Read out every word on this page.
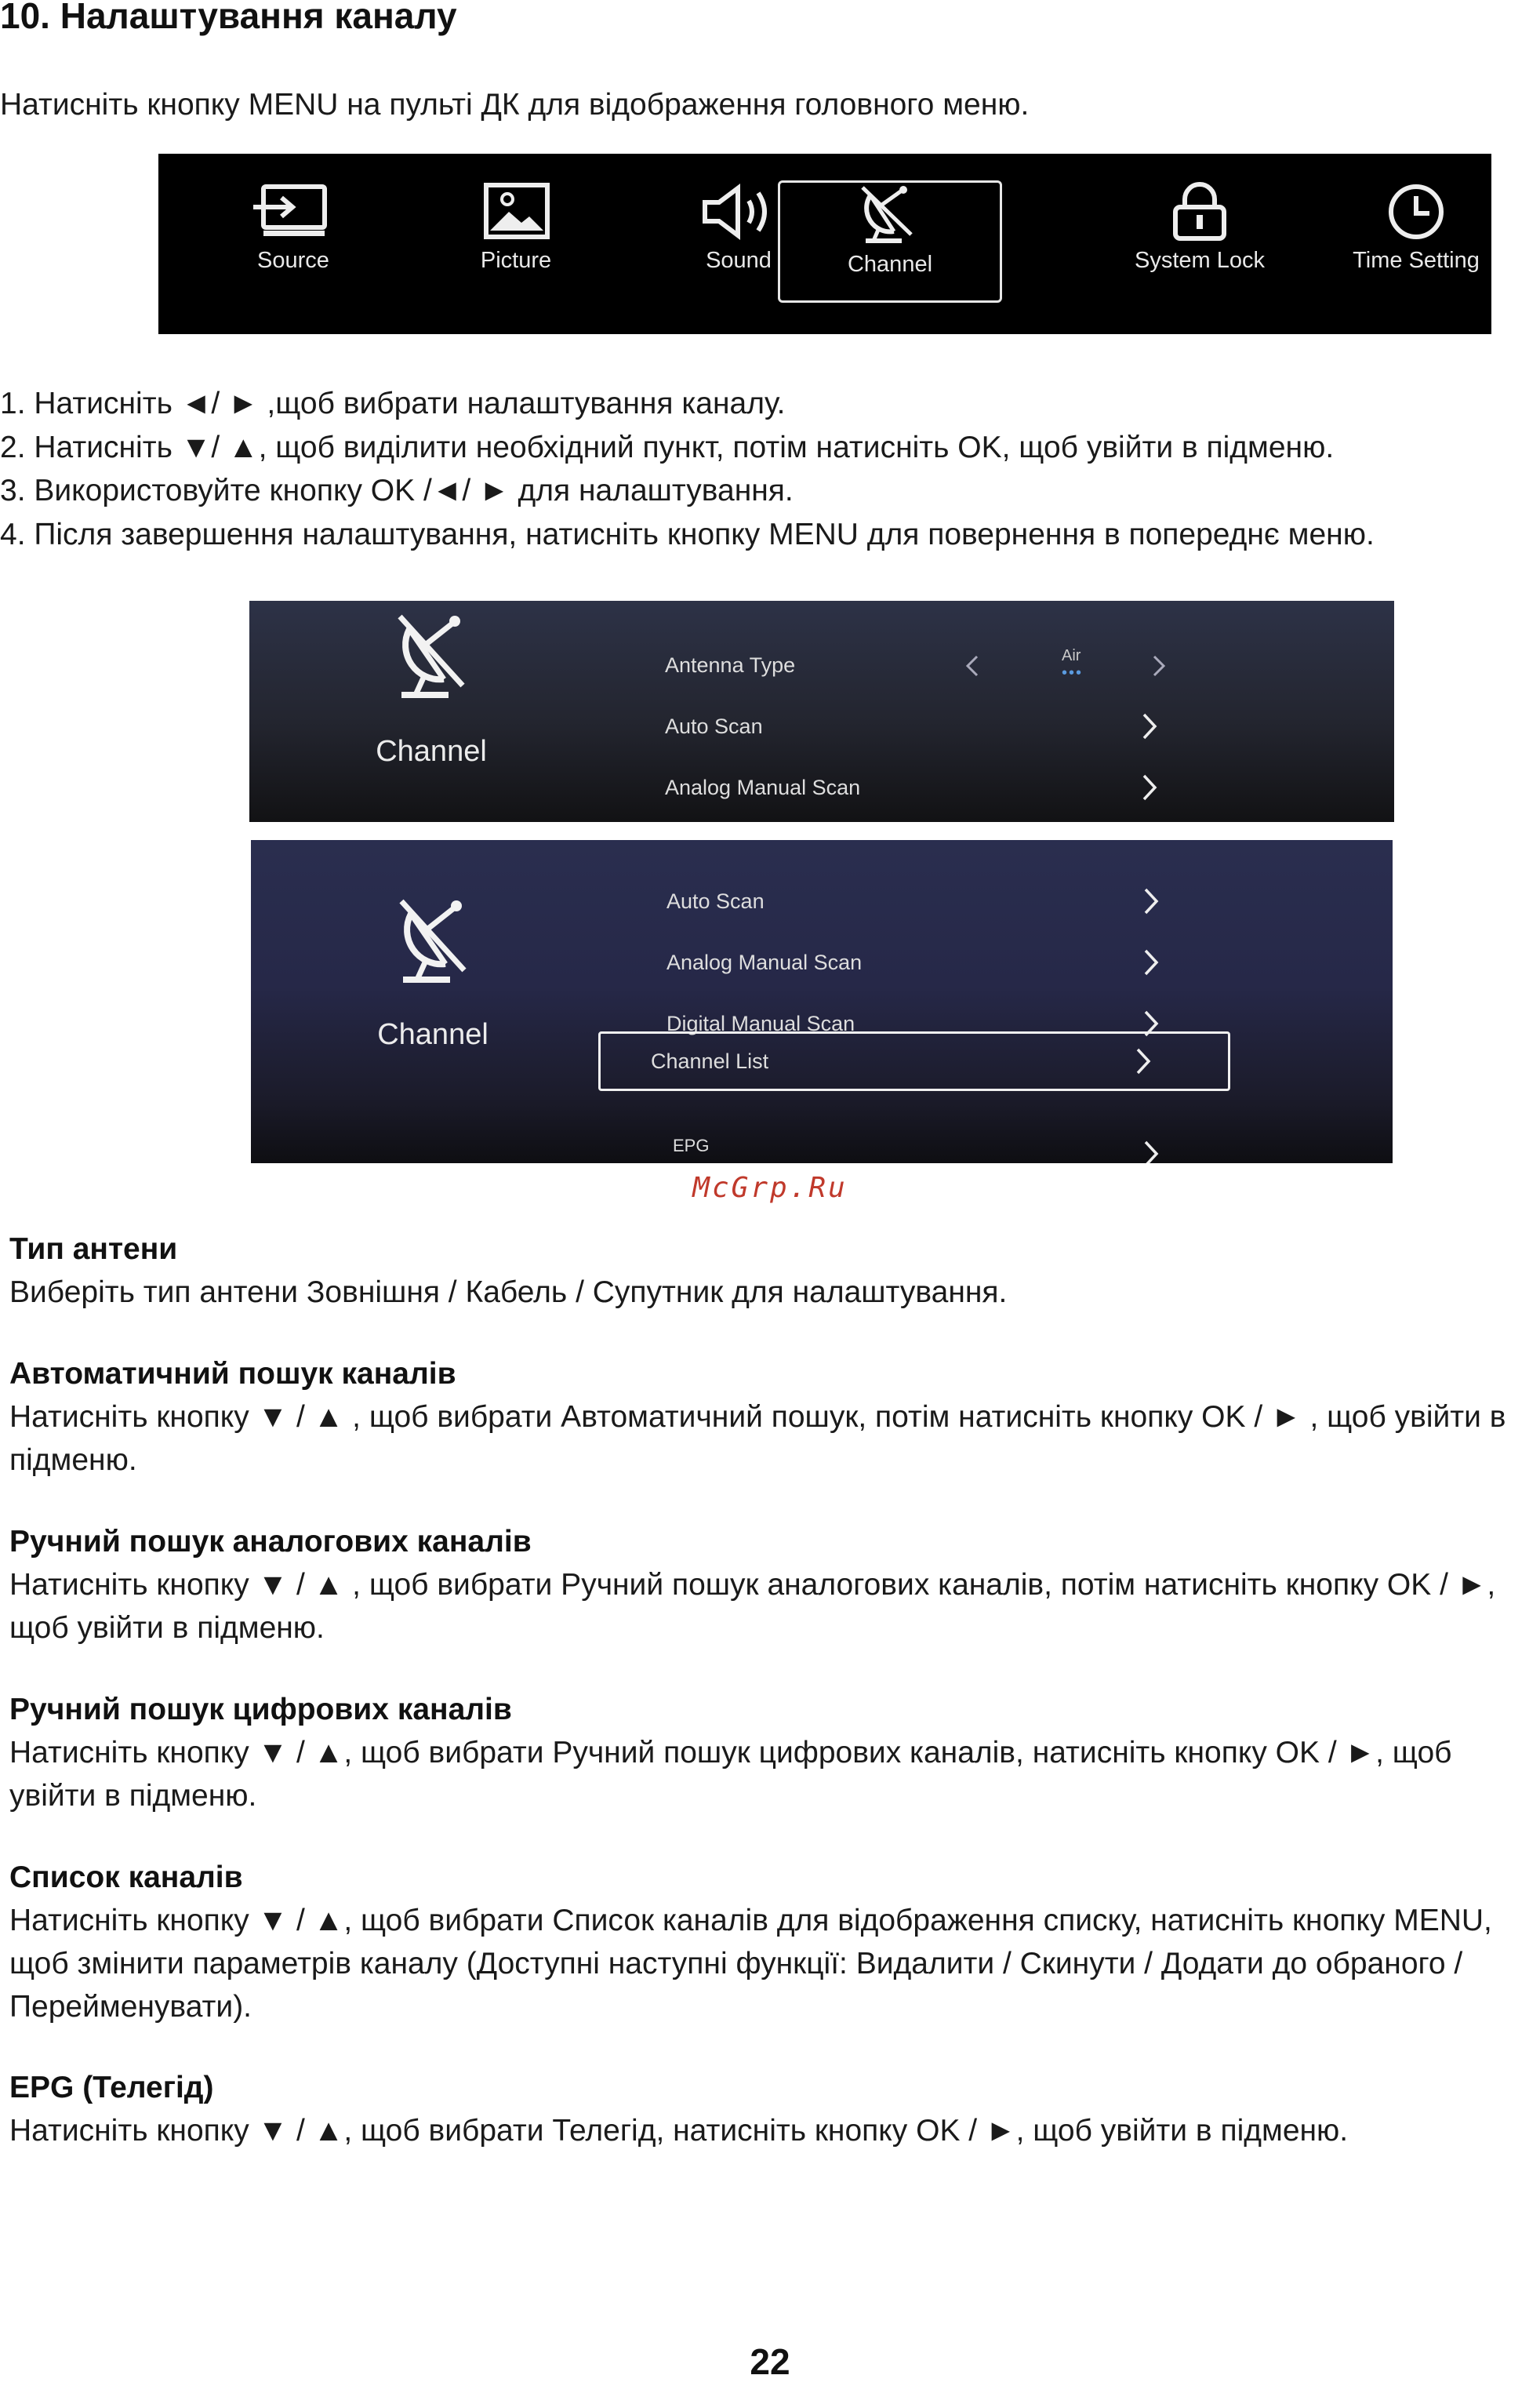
10. Налаштування каналу

Натисніть кнопку MENU на пульті ДК для відображення головного меню.

Source	Picture	Sound	Channel	System Lock	Time Setting

1. Натисніть ◄/ ► ,щоб вибрати налаштування каналу.

2. Натисніть ▼/ ▲, щоб виділити необхідний пункт, потім натисніть OK, щоб увійти в підменю.

3. Використовуйте кнопку OK /◄/ ► для налаштування.

4. Після завершення налаштування, натисніть кнопку MENU для повернення в попереднє меню.

Channel
Antenna Type	Air
•••
Auto Scan
Analog Manual Scan
Channel
Auto Scan
Analog Manual Scan
Digital Manual Scan
Channel List
EPG
McGrp.Ru

Тип антени

Виберіть тип антени Зовнішня / Кабель / Супутник для налаштування.

Автоматичний пошук каналів

Натисніть кнопку ▼ / ▲ , щоб вибрати Автоматичний пошук, потім натисніть кнопку OK / ► , щоб увійти в підменю.

Ручний пошук аналогових каналів

Натисніть кнопку ▼ / ▲ , щоб вибрати Ручний пошук аналогових каналів, потім натисніть кнопку OK / ►, щоб увійти в підменю.

Ручний пошук цифрових каналів

Натисніть кнопку ▼ / ▲, щоб вибрати Ручний пошук цифрових каналів, натисніть кнопку OK / ►, щоб увійти в підменю.

Список каналів

Натисніть кнопку ▼ / ▲, щоб вибрати Список каналів для відображення списку, натисніть кнопку MENU, щоб змінити параметрів каналу (Доступні наступні функції: Видалити / Скинути / Додати до обраного / Перейменувати).

EPG (Телегід)

Натисніть кнопку ▼ / ▲, щоб вибрати Телегід, натисніть кнопку OK / ►, щоб увійти в підменю.

22
